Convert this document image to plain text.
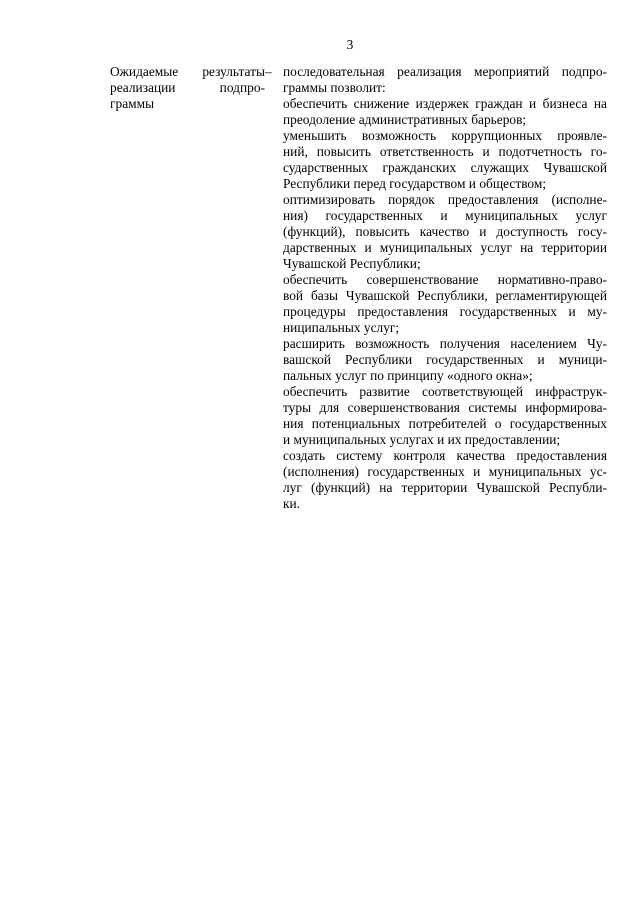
3
Ожидаемые результаты
реализации подпро-
граммы
– последовательная реализация мероприятий подпро-
граммы позволит:
обеспечить снижение издержек граждан и бизнеса на
преодоление административных барьеров;
уменьшить возможность коррупционных проявле-
ний, повысить ответственность и подотчетность го-
сударственных гражданских служащих Чувашской
Республики перед государством и обществом;
оптимизировать порядок предоставления (исполне-
ния) государственных и муниципальных услуг
(функций), повысить качество и доступность госу-
дарственных и муниципальных услуг на территории
Чувашской Республики;
обеспечить совершенствование нормативно-право-
вой базы Чувашской Республики, регламентирующей
процедуры предоставления государственных и му-
ниципальных услуг;
расширить возможность получения населением Чу-
вашской Республики государственных и муници-
пальных услуг по принципу «одного окна»;
обеспечить развитие соответствующей инфраструк-
туры для совершенствования системы информирова-
ния потенциальных потребителей о государственных
и муниципальных услугах и их предоставлении;
создать систему контроля качества предоставления
(исполнения) государственных и муниципальных ус-
луг (функций) на территории Чувашской Республи-
ки.
